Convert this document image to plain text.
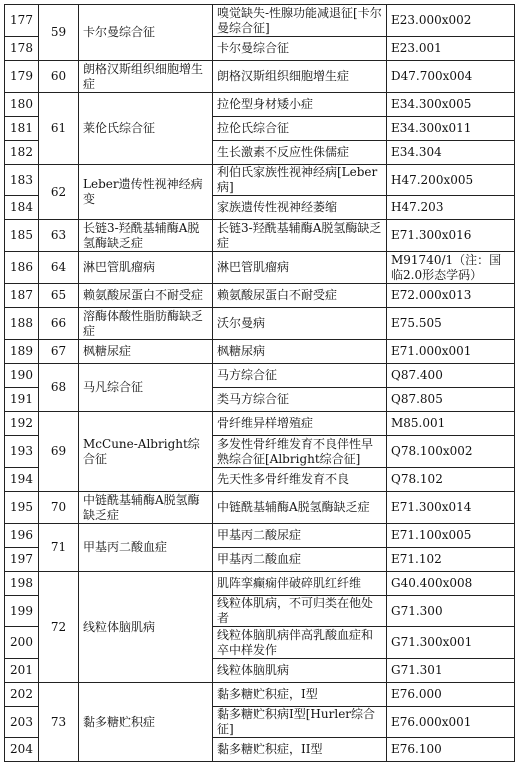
177	59	卡尔曼综合征	嗅觉缺失-性腺功能减退征[卡尔曼综合征]	E23.000x002
178			卡尔曼综合征	E23.001
179	60	朗格汉斯组织细胞增生症	朗格汉斯组织细胞增生症	D47.700x004
180	61	莱伦氏综合征	拉伦型身材矮小症	E34.300x005
181			拉伦氏综合征	E34.300x011
182			生长激素不反应性侏儒症	E34.304
183	62	Leber遗传性视神经病变	利伯氏家族性视神经病[Leber病]	H47.200x005
184			家族遗传性视神经萎缩	H47.203
185	63	长链3-羟酰基辅酶A脱氢酶缺乏症	长链3-羟酰基辅酶A脱氢酶缺乏症	E71.300x016
186	64	淋巴管肌瘤病	淋巴管肌瘤病	M91740/1（注：国临2.0形态学码）
187	65	赖氨酸尿蛋白不耐受症	赖氨酸尿蛋白不耐受症	E72.000x013
188	66	溶酶体酸性脂肪酶缺乏症	沃尔曼病	E75.505
189	67	枫糖尿症	枫糖尿病	E71.000x001
190	68	马凡综合征	马方综合征	Q87.400
191			类马方综合征	Q87.805
192	69	McCune-Albright综合征	骨纤维异样增殖症	M85.001
193			多发性骨纤维发育不良伴性早熟综合征[Albright综合征]	Q78.100x002
194			先天性多骨纤维发育不良	Q78.102
195	70	中链酰基辅酶A脱氢酶缺乏症	中链酰基辅酶A脱氢酶缺乏症	E71.300x014
196	71	甲基丙二酸血症	甲基丙二酸尿症	E71.100x005
197			甲基丙二酸血症	E71.102
198	72	线粒体脑肌病	肌阵挛癫痫伴破碎肌红纤维	G40.400x008
199			线粒体肌病，不可归类在他处者	G71.300
200			线粒体脑肌病伴高乳酸血症和卒中样发作	G71.300x001
201			线粒体脑肌病	G71.301
202	73	黏多糖贮积症	黏多糖贮积症，I型	E76.000
203			黏多糖贮积病I型[Hurler综合征]	E76.000x001
204			黏多糖贮积症，II型	E76.100
